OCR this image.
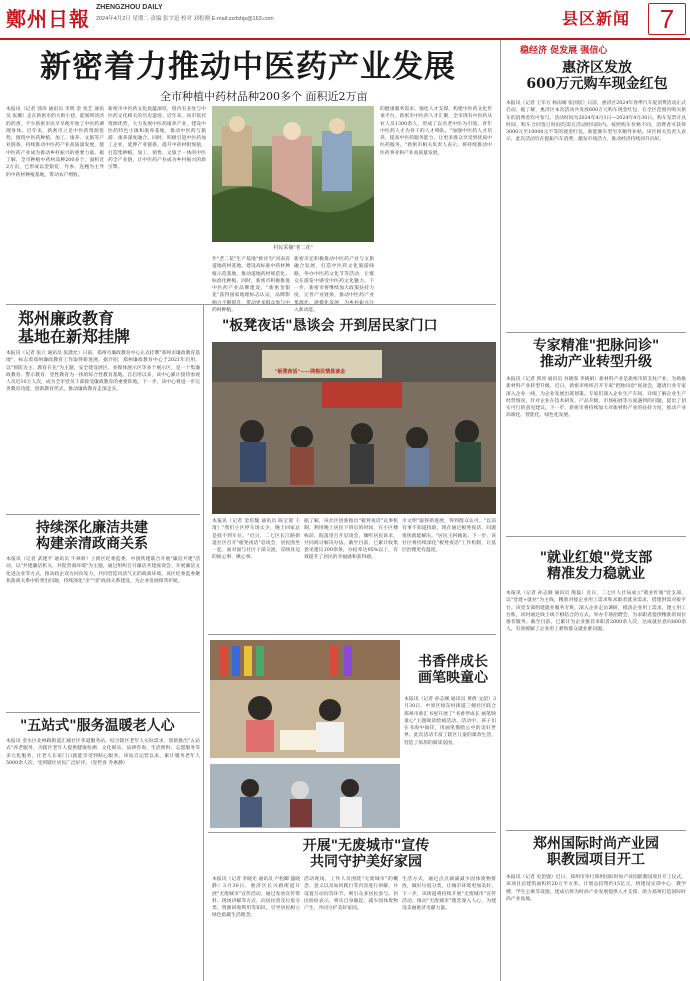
鄭州日報 ZHENGZHOU DAILY
2024年4月2日 星期二 责编 张宇迅 校对 刘松刚 E-mail:zzdshjs@163.com	县区新闻	7
稳经济 促发展 强信心
新密着力推动中医药产业发展
全市种植中药材品种200多个 面积近2万亩
本报讯（记者 郭涛 通讯员 李明 金 宛艺 通讯员 张珊）走在新密市的大街小巷，能闻到淡淡的药香，不少新密市民早早便开始了中医药调理身体。近年来，新密市立足中医药资源优势，围绕中医药种植、加工、康养、文旅等产业链条，持续推动中医药产业高质量发展，使中医药产业成为推动乡村振兴的重要力量。据了解，全市种植中药材品种200多个，面积近2万亩，已形成以金银花、丹参、连翘为主导的中药材种植基地，带动农户增收。
新密市中医药文化底蕴深厚，境内有多处与中医药文化相关的历史遗迹。近年来，该市依托资源优势，大力发展中医药康养产业，建设中医药特色小镇和康养基地，推动中医药与旅游、康养深度融合。同时，积极引进中医药加工企业，延伸产业链条，提升中药材附加值，打造集种植、加工、销售、文旅于一体的中医药全产业链，让中医药产业成为乡村振兴的新引擎。
村民采摘"老二花"
作"老二花"生产基地"被评为"河南省道地药材基地，建设高标准中药材种植示范基地，推动道地药材规范化、标准化种植。同时，新密市积极推进中医药产业品牌建设，"新密金银花"获得国家地理标志认证，品牌影 药材种植。
新密市还积极推动中医药产业与文旅融合发展，打造中医药文化旅游线路，举办中医药文化节等活动，让群众在游览中感受中医药文化魅力。下一步，新密市将继续加大政策扶持力度，完善产业链条，推动中医药产业 入新动能。
的健康服务需求。强化人才支撑，构建中医药文化传承平台。新密市中医药人才汇聚，全市现有中医药从业人员1300余人，形成了以名老中医为引领、青年中医药人才为骨干的人才梯队。"加强中医药人才培养，提高中医药服务能力，让更多群众享受到优质中医药服务。"新密市相关负责人表示，将持续推动中医药事业和产业高质量发展。
郑州廉政教育
基地在新郑挂牌
本报讯（记者 张立 通讯员 张潇允）日前，郑州市廉政教育中心正式挂牌"郑州市廉政教育基地"，标志着郑州廉政教育工作取得新进展。据介绍，郑州廉政教育中心于2021年启用，以"预防为主、教育在先"为主题，安全建设展区、多媒体展示区等多个展示区，是一个集廉政教育、警示教育、党性教育为一体的综合性教育基地。自启用以来，该中心累计接待参观人员近10万人次，成为全市党员干部接受廉政教育的重要阵地。下一步，该中心将进一步完善教育功能，创新教育形式，推动廉政教育走深走实。
持续深化廉洁共建
构建亲清政商关系
本报讯（记者 武建平 通讯员 牛翠妍）上街区纪委监委、中国铁建联合开展"廉洁共建"活动，以"共建廉洁机关、共促营商环境"为主题，通过组织召开廉洁共建座谈会、开展廉洁文化进企业等方式，推动政企双方同向发力，共同营造风清气正的政商环境。该区纪委监委聚焦政商关系中的突出问题，持续深化"亲""清"政商关系建设，为企业发展保驾护航。
"五站式"服务温暖老人心
本报讯 金水区北林路街道汇城社区邻道服务站，结合辖区老年人实际需求，创新推出"五站式"养老服务，为辖区老年人提供健康检测、文化娱乐、法律咨询、生活照料、志愿服务等多元化服务，让老人在家门口就能享受到贴心服务。该站自运营以来，累计服务老年人5000余人次，受到辖区居民广泛好评。（党哲喜 乔惠静）
"板凳夜话"恳谈会 开到居民家门口
"板凳夜话"——网格民情恳谈会
本报讯（记者 金培馥 通讯员 陈宝黛 王琦）"我们小区停车场太少，晚上回家总是找不到车位。"近日，二七区长江路街道社区召开"板凳夜话"恳谈会，居民围坐一起，面对面与社区干部交流，反映身边的烦心事、揪心事。
据了解，该社区创新推出"板凳夜话"议事机制，利用晚上居民下班后的时间，在小区楼栋前、院落里召开恳谈会，倾听居民诉求，共同商讨解决办法。截至目前，已累计收集意见建议100余条，办结率达95%以上，有效提升了居民的幸福感和获得感。
市文明"取得新进展，得到群众认可。"以前有事不知道找谁，现在通过板凳夜话，问题很快就能解决。"居民王阿姨说。下一步，该社区将持续深化"板凳夜话"工作机制，让基层治理更有温度。
书香伴成长
画笔映童心
本报讯（记者 孙志刚 通讯员 黄倩 文韶）3月30日，中原区绿东村街道三棉社区联合郑州市新汇书屋开展了"书香伴成长 画笔映童心"主题阅读绘画活动。活动中，孩子们在书海中徜徉，用画笔描绘心中的美好世界。此次活动丰富了辖区儿童的课余生活，营造了浓厚的阅读氛围。
开展"无废城市"宣传
共同守护美好家园
本报讯（记者 李晓光 通讯员 卢松卿 盛晓静）3月30日，惠济区长兴路街道开展"无废城市"宣传活动，通过发放宣传资料、现场讲解等方式，向居民普及垃圾分类、资源回收利用等知识，引导居民树立绿色低碳生活理念。
活动现场，工作人员围绕"无废城市"的概念、意义以及如何践行等内容进行讲解，并设置互动问答环节，吸引众多居民参与。居民纷纷表示，将从自身做起，减少固体废物产生，共同守护美好家园。
生活方式，通过点点滴滴减少固体废物排放，做好垃圾分类，让城市环境更加美好。下一步，该街道将持续开展"无废城市"宣传活动，推动"无废城市"理念深入人心，为建设美丽惠济贡献力量。
惠济区发放
600万元购车现金红包
本报讯（记者 王军方 杨雨晴 张国宸）日前，惠济区2024年春季汽车促消费活动正式启动。据了解，惠济区本次活动共发放600万元购车现金红包，在全区范围内购买新车的消费者均可参与。活动时间为2024年4月1日—2024年4月30日。购车发票开具时间、购车合同签订时间均需在活动时间段内。按照购车价格不同，消费者可获得3000元至10000元不等的现金红包。新能源车型另享额外补贴。该区相关负责人表示，此次活动旨在提振汽车消费，激发市场活力，推动经济持续回升向好。
专家精准"把脉问诊"
推动产业转型升级
本报讯（记者 郭涛 通讯员 谷晓霏 李晓娟）新材料产业是新密市的支柱产业，为助推新材料产业转型升级，近日，新密市组织召开专家"把脉问诊"座谈会，邀请行业专家深入企业一线，为企业发展出谋划策。专家们深入企业生产车间，详细了解企业生产经营情况，针对企业在技术研发、产品升级、市场拓展等方面遇到的问题，提出了切实可行的意见建议。下一步，新密市将持续加大对新材料产业的扶持力度，推动产业高端化、智能化、绿色化发展。
"就业红娘"党支部
精准发力稳就业
本报讯（记者 孙志刚 通讯员 熊磊）近日，二七区人社局成立"就业红娘"党支部，以"党建+就业"为主线，精准对接企业用工需求和求职者就业需求，搭建供需对接平台。该党支部组建就业服务专班，深入企业走访调研，摸清企业用工需求，建立用工台账，同时通过线上线下相结合的方式，举办专场招聘会，为求职者提供精准的岗位推荐服务。截至目前，已累计为企业推荐求职者2000余人次，达成就业意向800余人，有效缓解了企业用工难和群众就业难问题。
郑州国际时尚产业园
职教园项目开工
本报讯（记者 史治强）近日，郑州市举行郑州国际时尚产业园职教园项目开工仪式。该项目总建筑面积约20万平方米，计划总投资约15亿元，将建设实训中心、教学楼、学生公寓等设施，建成后将为时尚产业发展提供人才支撑，助力郑州打造国际时尚产业高地。
